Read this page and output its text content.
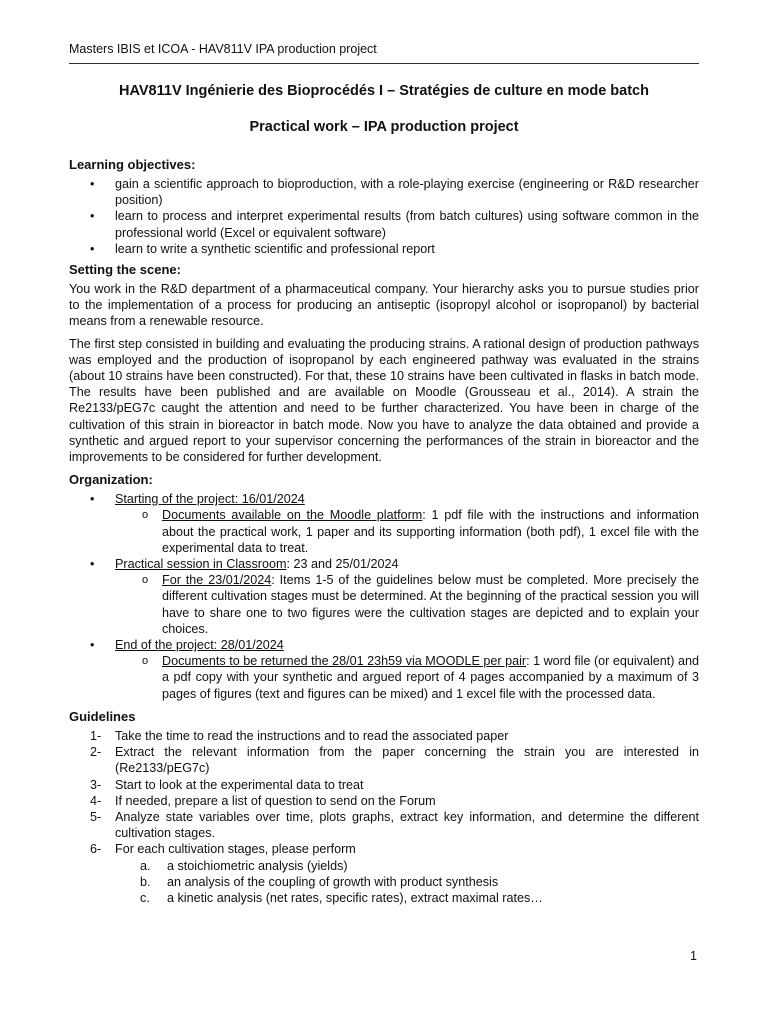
Masters IBIS et ICOA - HAV811V IPA production project
HAV811V Ingénierie des Bioprocédés I – Stratégies de culture en mode batch
Practical work – IPA production project
Learning objectives:
• gain a scientific approach to bioproduction, with a role-playing exercise (engineering or R&D researcher position)
• learn to process and interpret experimental results (from batch cultures) using software common in the professional world (Excel or equivalent software)
• learn to write a synthetic scientific and professional report
Setting the scene:

You work in the R&D department of a pharmaceutical company. Your hierarchy asks you to pursue studies prior to the implementation of a process for producing an antiseptic (isopropyl alcohol or isopropanol) by bacterial means from a renewable resource.

The first step consisted in building and evaluating the producing strains. A rational design of production pathways was employed and the production of isopropanol by each engineered pathway was evaluated in the strains (about 10 strains have been constructed). For that, these 10 strains have been cultivated in flasks in batch mode. The results have been published and are available on Moodle (Grousseau et al., 2014). A strain the Re2133/pEG7c caught the attention and need to be further characterized. You have been in charge of the cultivation of this strain in bioreactor in batch mode. Now you have to analyze the data obtained and provide a synthetic and argued report to your supervisor concerning the performances of the strain in bioreactor and the improvements to be considered for further development.

Organization:
• Starting of the project: 16/01/2024
o Documents available on the Moodle platform: 1 pdf file with the instructions and information about the practical work, 1 paper and its supporting information (both pdf), 1 excel file with the experimental data to treat.
• Practical session in Classroom: 23 and 25/01/2024
o For the 23/01/2024: Items 1-5 of the guidelines below must be completed. More precisely the different cultivation stages must be determined. At the beginning of the practical session you will have to share one to two figures were the cultivation stages are depicted and to explain your choices.
• End of the project: 28/01/2024
o Documents to be returned the 28/01 23h59 via MOODLE per pair: 1 word file (or equivalent) and a pdf copy with your synthetic and argued report of 4 pages accompanied by a maximum of 3 pages of figures (text and figures can be mixed) and 1 excel file with the processed data.
Guidelines
1- Take the time to read the instructions and to read the associated paper
2- Extract the relevant information from the paper concerning the strain you are interested in (Re2133/pEG7c)
3- Start to look at the experimental data to treat
4- If needed, prepare a list of question to send on the Forum
5- Analyze state variables over time, plots graphs, extract key information, and determine the different cultivation stages.
6- For each cultivation stages, please perform
a. a stoichiometric analysis (yields)
b. an analysis of the coupling of growth with product synthesis
c. a kinetic analysis (net rates, specific rates), extract maximal rates…
1
